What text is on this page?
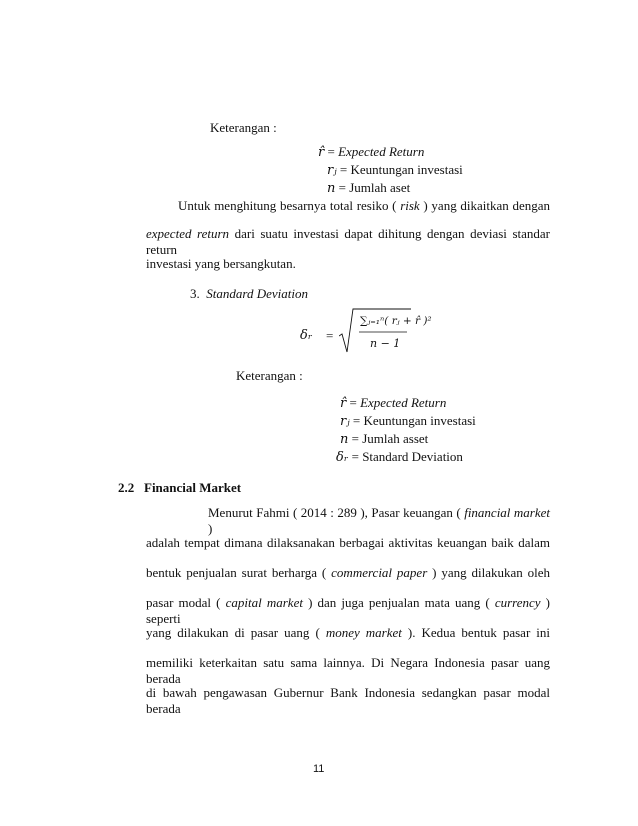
Keterangan :
r̂ = Expected Return
𝑟ⱼ = Keuntungan investasi
𝑛 = Jumlah aset
Untuk menghitung besarnya total resiko ( risk ) yang dikaitkan dengan
expected return dari suatu investasi dapat dihitung dengan deviasi standar return
investasi yang bersangkutan.
3. Standard Deviation
δᵣ =
∑ⱼ₌₁ⁿ( 𝑟ⱼ + r̂ )²
𝑛 − 1
Keterangan :
r̂ = Expected Return
𝑟ⱼ = Keuntungan investasi
𝑛 = Jumlah asset
δᵣ = Standard Deviation
2.2 Financial Market
Menurut Fahmi ( 2014 : 289 ), Pasar keuangan ( financial market )
adalah tempat dimana dilaksanakan berbagai aktivitas keuangan baik dalam
bentuk penjualan surat berharga ( commercial paper ) yang dilakukan oleh
pasar modal ( capital market ) dan juga penjualan mata uang ( currency ) seperti
yang dilakukan di pasar uang ( money market ). Kedua bentuk pasar ini
memiliki keterkaitan satu sama lainnya. Di Negara Indonesia pasar uang berada
di bawah pengawasan Gubernur Bank Indonesia sedangkan pasar modal berada
11
